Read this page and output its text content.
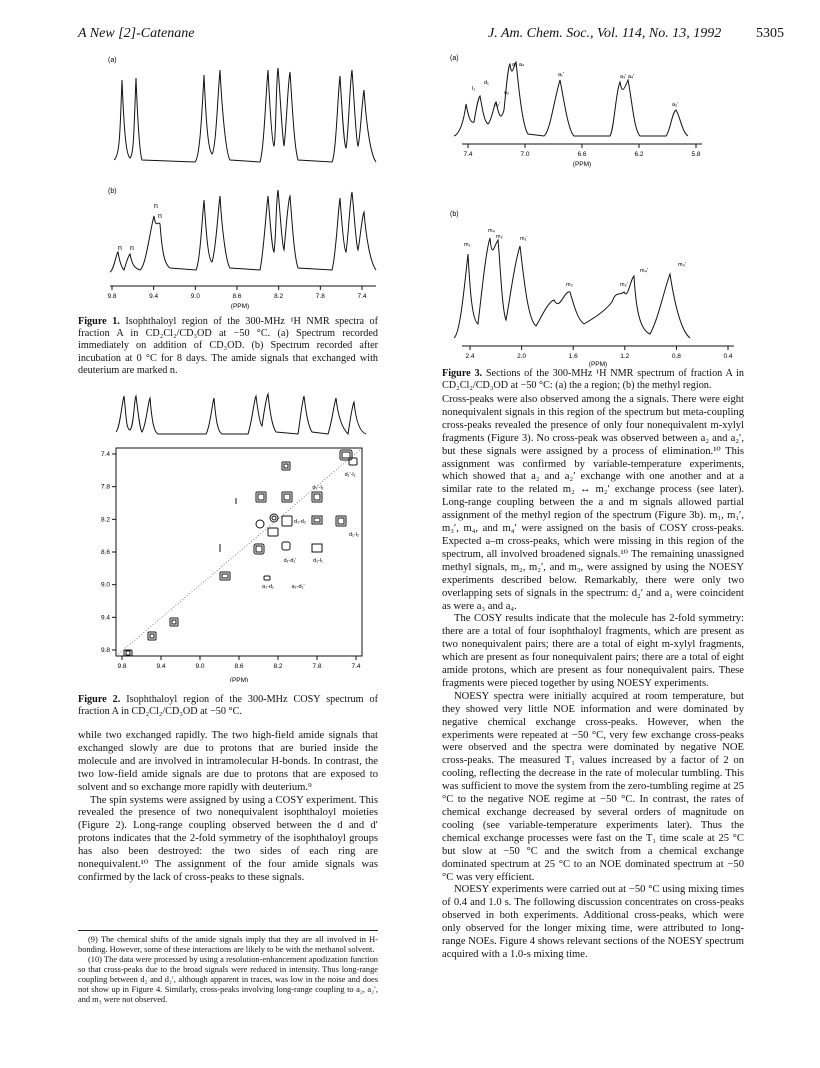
A New [2]-Catenane	J. Am. Chem. Soc., Vol. 114, No. 13, 1992 5305
(a)
(b)
n
n
n n
9.8	9.4	9.0	8.6	8.2	7.8	7.4
(PPM)
Figure 1. Isophthaloyl region of the 300-MHz ¹H NMR spectra of fraction A in CD₂Cl₂/CD₃OD at −50 °C. (a) Spectrum recorded immediately on addition of CD₃OD. (b) Spectrum recorded after incubation at 0 °C for 8 days. The amide signals that exchanged with deuterium are marked n.
d₁'-l₁
d₂'-l₁
d₁-d₂
d₁-l₂
d₁-d₁'	d₁-l₁
a₁-d₁	a₂-d₁'
7.4
7.8
8.2
8.6
9.0
9.4
9.8
9.8	9.4	9.0	8.6	8.2	7.8	7.4
(PPM)
Figure 2. Isophthaloyl region of the 300-MHz COSY spectrum of fraction A in CD₂Cl₂/CD₃OD at −50 °C.

while two exchanged rapidly. The two high-field amide signals that exchanged slowly are due to protons that are buried inside the molecule and are involved in intramolecular H-bonds. In contrast, the two low-field amide signals are due to protons that are exposed to solvent and so exchange more rapidly with deuterium.⁹

The spin systems were assigned by using a COSY experiment. This revealed the presence of two nonequivalent isophthaloyl moieties (Figure 2). Long-range coupling observed between the d and d′ protons indicates that the 2-fold symmetry of the isophthaloyl groups has also been destroyed: the two sides of each ring are nonequivalent.¹⁰ The assignment of the four amide signals was confirmed by the lack of cross-peaks to these signals.

(9) The chemical shifts of the amide signals imply that they are all involved in H-bonding. However, some of these interactions are likely to be with the methanol solvent.

(10) The data were processed by using a resolution-enhancement apodization function so that cross-peaks due to the broad signals were reduced in intensity. Thus long-range coupling between d₂ and d₂′, although apparent in traces, was low in the noise and does not show up in Figure 4. Similarly, cross-peaks involving long-range coupling to a₂, a₂′, and m₃ were not observed.

(a)
a₃ a₄
l₁
d₁
d₂'
a₂
a₁'	a₃' a₄'
a₂'
7.4	7.0	6.6	6.2	5.8
(PPM)
(b)
m₄
m₂	m₁'
m₁
m₃	m₂'
m₄'
m₃'
2.4	2.0	1.6	1.2	0.8	0.4
(PPM)
Figure 3. Sections of the 300-MHz ¹H NMR spectrum of fraction A in CD₂Cl₂/CD₃OD at −50 °C: (a) the a region; (b) the methyl region.

Cross-peaks were also observed among the a signals. There were eight nonequivalent signals in this region of the spectrum but meta-coupling cross-peaks revealed the presence of only four nonequivalent m-xylyl fragments (Figure 3). No cross-peak was observed between a₂ and a₂′, but these signals were assigned by a process of elimination.¹⁰ This assignment was confirmed by variable-temperature experiments, which showed that a₂ and a₂′ exchange with one another and at a similar rate to the related m₂ ↔ m₂′ exchange process (see later). Long-range coupling between the a and m signals allowed partial assignment of the methyl region of the spectrum (Figure 3b). m₁, m₁′, m₃′, m₄, and m₄′ were assigned on the basis of COSY cross-peaks. Expected a–m cross-peaks, which were missing in this region of the spectrum, all involved broadened signals.¹⁰ The remaining unassigned methyl signals, m₂, m₂′, and m₃, were assigned by using the NOESY experiments described below. Remarkably, there were only two overlapping sets of signals in the spectrum: d₂′ and a₁ were coincident as were a₃ and a₄.

The COSY results indicate that the molecule has 2-fold symmetry: there are a total of four isophthaloyl fragments, which are present as two nonequivalent pairs; there are a total of eight m-xylyl fragments, which are present as four nonequivalent pairs; there are a total of eight amide protons, which are present as four nonequivalent pairs. These fragments were pieced together by using NOESY experiments.

NOESY spectra were initially acquired at room temperature, but they showed very little NOE information and were dominated by negative chemical exchange cross-peaks. However, when the experiments were repeated at −50 °C, very few exchange cross-peaks were observed and the spectra were dominated by negative NOE cross-peaks. The measured T₁ values increased by a factor of 2 on cooling, reflecting the decrease in the rate of molecular tumbling. This was sufficient to move the system from the zero-tumbling regime at 25 °C to the negative NOE regime at −50 °C. In contrast, the rates of chemical exchange decreased by several orders of magnitude on cooling (see variable-temperature experiments later). Thus the chemical exchange processes were fast on the T₁ time scale at 25 °C but slow at −50 °C and the switch from a chemical exchange dominated spectrum at 25 °C to an NOE dominated spectrum at −50 °C was very efficient.

NOESY experiments were carried out at −50 °C using mixing times of 0.4 and 1.0 s. The following discussion concentrates on cross-peaks observed in both experiments. Additional cross-peaks, which were only observed for the longer mixing time, were attributed to long-range NOEs. Figure 4 shows relevant sections of the NOESY spectrum acquired with a 1.0-s mixing time.
